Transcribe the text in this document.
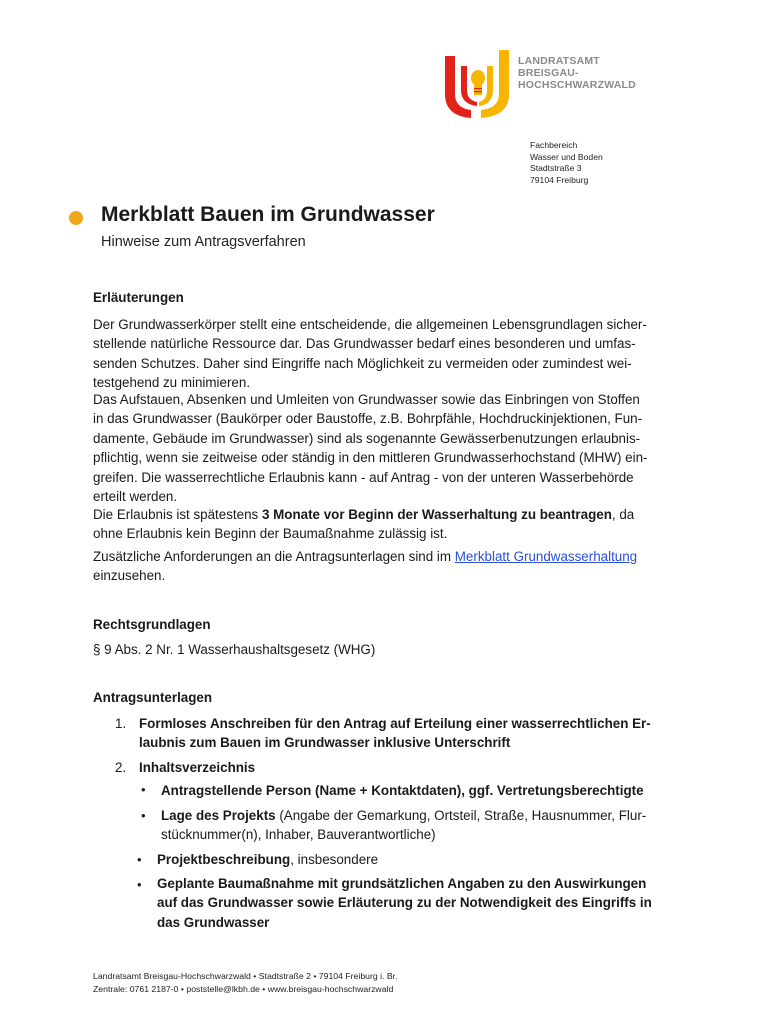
LANDRATSAMT
BREISGAU-
HOCHSCHWARZWALD
Fachbereich
Wasser und Boden
Stadtstraße 3
79104 Freiburg
Merkblatt Bauen im Grundwasser
Hinweise zum Antragsverfahren
Erläuterungen
Der Grundwasserkörper stellt eine entscheidende, die allgemeinen Lebensgrundlagen sicher-
stellende natürliche Ressource dar. Das Grundwasser bedarf eines besonderen und umfas-
senden Schutzes. Daher sind Eingriffe nach Möglichkeit zu vermeiden oder zumindest wei-
testgehend zu minimieren.
Das Aufstauen, Absenken und Umleiten von Grundwasser sowie das Einbringen von Stoffen
in das Grundwasser (Baukörper oder Baustoffe, z.B. Bohrpfähle, Hochdruckinjektionen, Fun-
damente, Gebäude im Grundwasser) sind als sogenannte Gewässerbenutzungen erlaubnis-
pflichtig, wenn sie zeitweise oder ständig in den mittleren Grundwasserhochstand (MHW) ein-
greifen. Die wasserrechtliche Erlaubnis kann - auf Antrag - von der unteren Wasserbehörde
erteilt werden.
Die Erlaubnis ist spätestens 3 Monate vor Beginn der Wasserhaltung zu beantragen, da
ohne Erlaubnis kein Beginn der Baumaßnahme zulässig ist.
Zusätzliche Anforderungen an die Antragsunterlagen sind im Merkblatt Grundwasserhaltung
einzusehen.
Rechtsgrundlagen
§ 9 Abs. 2 Nr. 1 Wasserhaushaltsgesetz (WHG)
Antragsunterlagen
1. Formloses Anschreiben für den Antrag auf Erteilung einer wasserrechtlichen Er-
laubnis zum Bauen im Grundwasser inklusive Unterschrift
2. Inhaltsverzeichnis
• Antragstellende Person (Name + Kontaktdaten), ggf. Vertretungsberechtigte
• Lage des Projekts (Angabe der Gemarkung, Ortsteil, Straße, Hausnummer, Flur-
stücknummer(n), Inhaber, Bauverantwortliche)
• Projektbeschreibung, insbesondere
• Geplante Baumaßnahme mit grundsätzlichen Angaben zu den Auswirkungen
auf das Grundwasser sowie Erläuterung zu der Notwendigkeit des Eingriffs in
das Grundwasser
Landratsamt Breisgau-Hochschwarzwald • Stadtstraße 2 • 79104 Freiburg i. Br.
Zentrale: 0761 2187-0 • poststelle@lkbh.de • www.breisgau-hochschwarzwald
